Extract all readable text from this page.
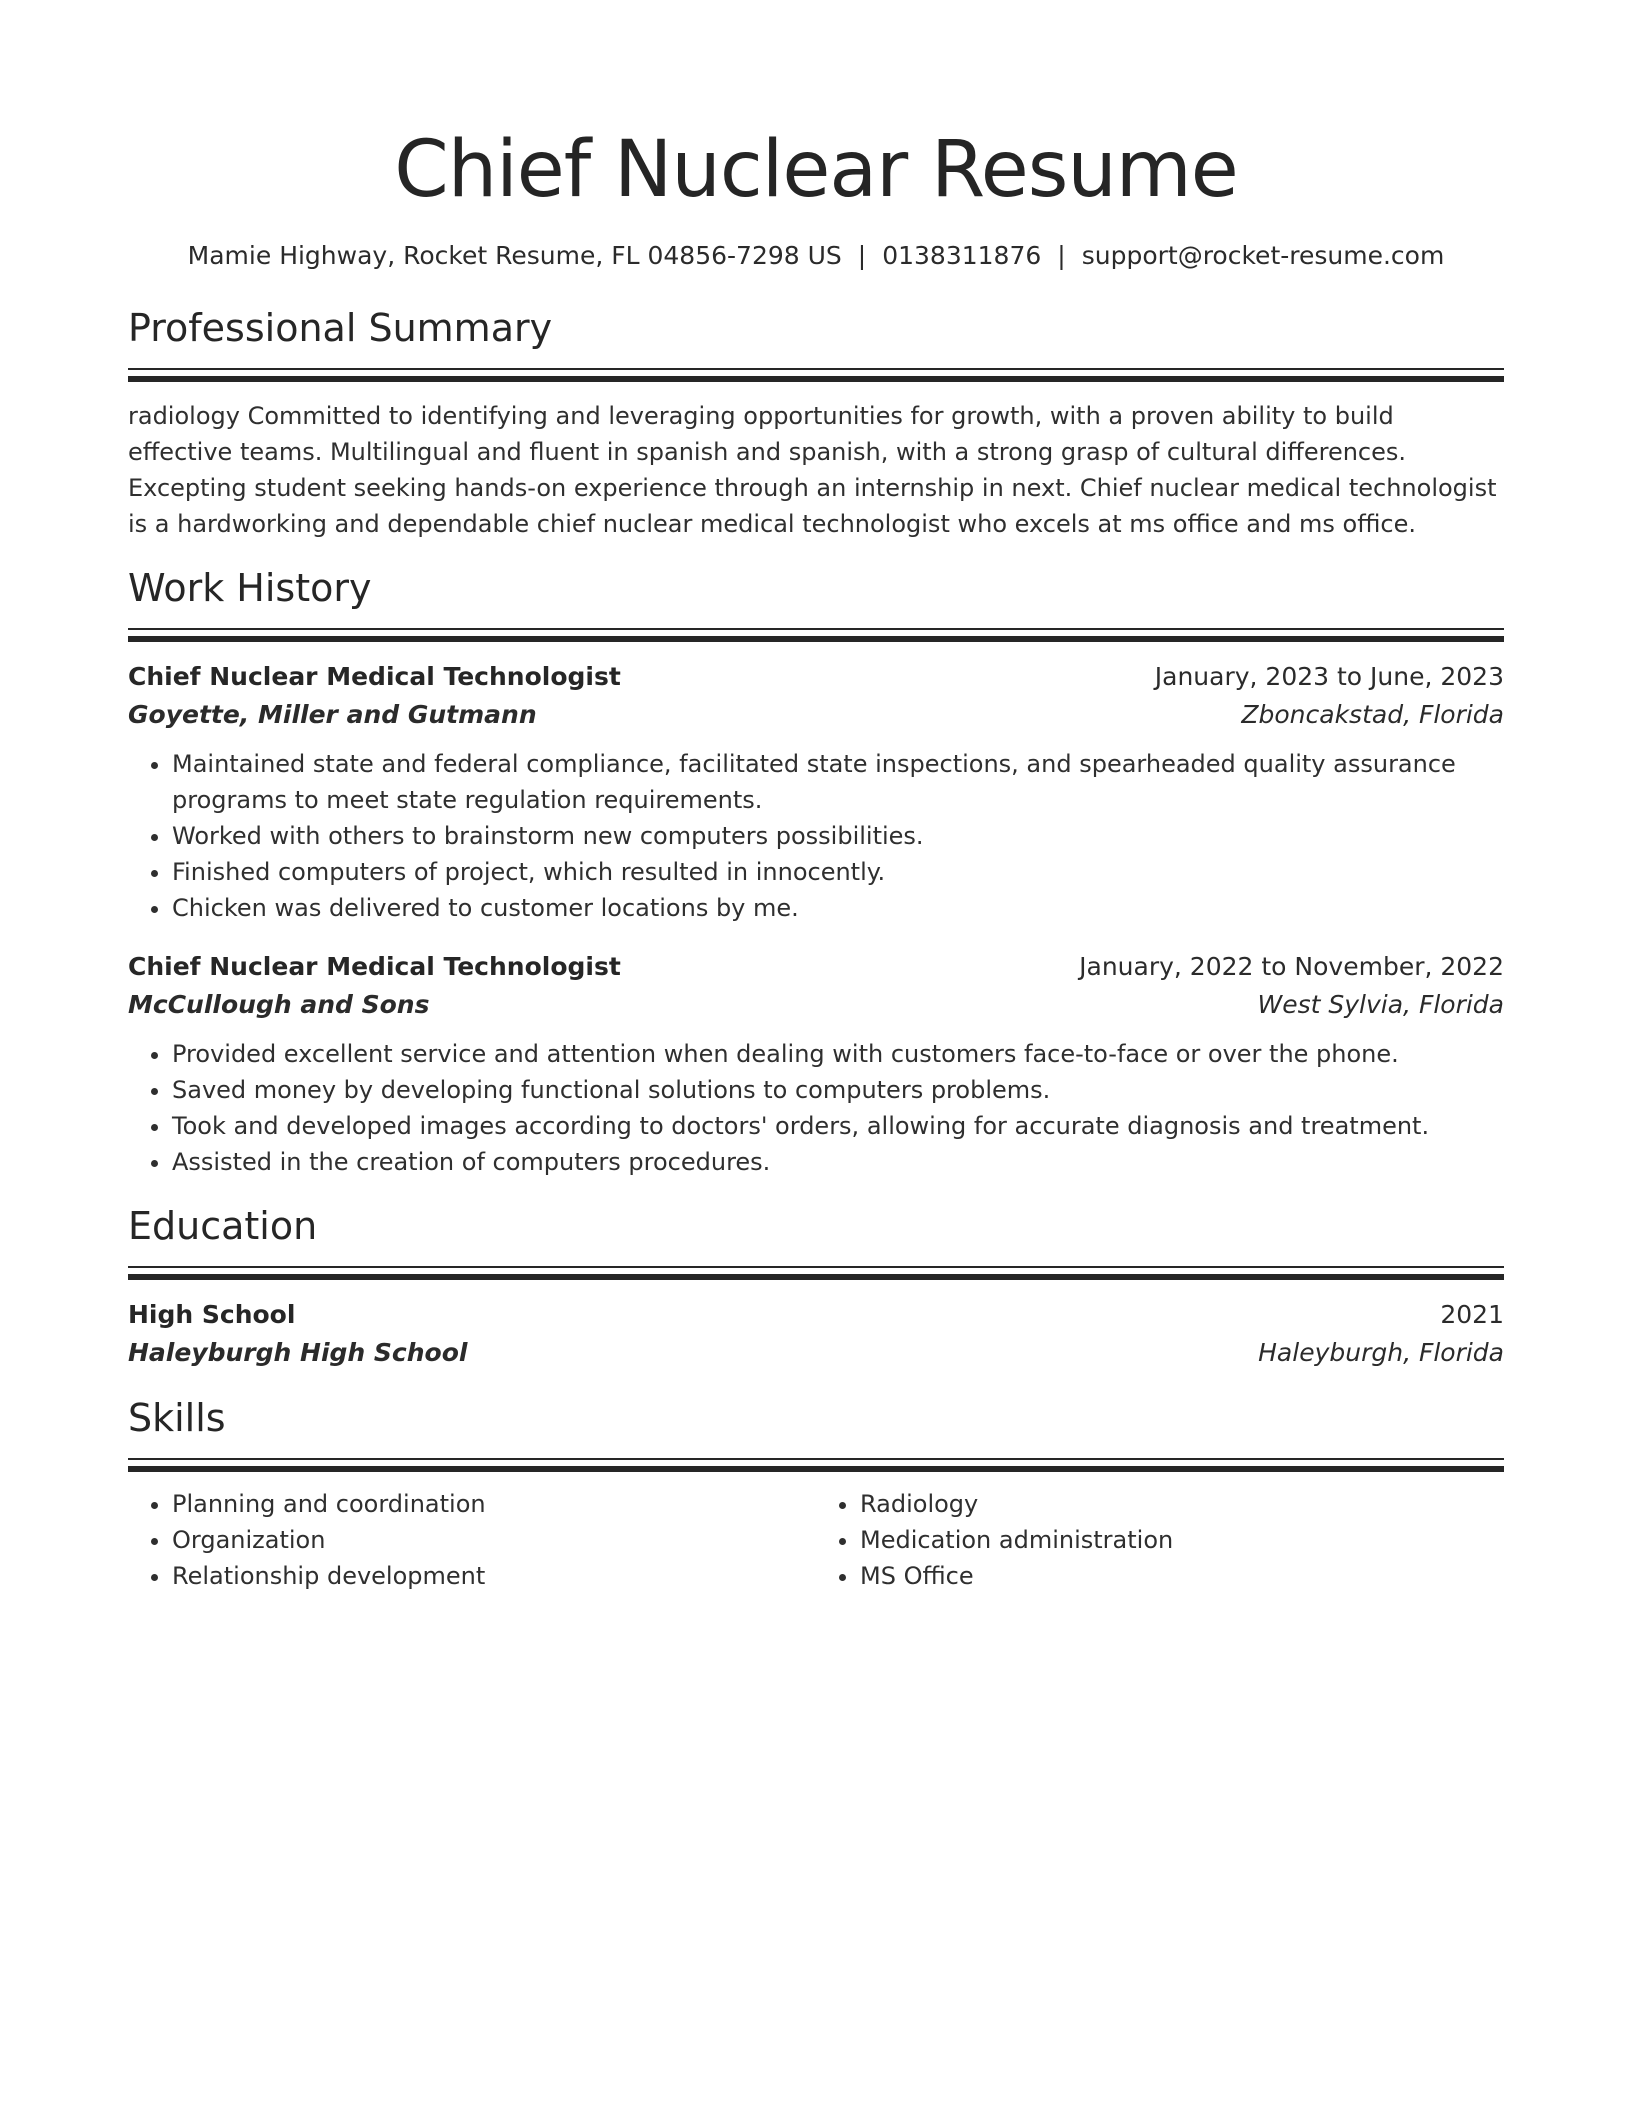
Chief Nuclear Resume
Mamie Highway, Rocket Resume, FL 04856-7298 US | 0138311876 | support@rocket-resume.com
Professional Summary

radiology Committed to identifying and leveraging opportunities for growth, with a proven ability to build effective teams. Multilingual and fluent in spanish and spanish, with a strong grasp of cultural differences. Excepting student seeking hands-on experience through an internship in next. Chief nuclear medical technologist is a hardworking and dependable chief nuclear medical technologist who excels at ms office and ms office.

Work History
Chief Nuclear Medical Technologist	January, 2023 to June, 2023
Goyette, Miller and Gutmann	Zboncakstad, Florida
• Maintained state and federal compliance, facilitated state inspections, and spearheaded quality assurance programs to meet state regulation requirements.
• Worked with others to brainstorm new computers possibilities.
• Finished computers of project, which resulted in innocently.
• Chicken was delivered to customer locations by me.
Chief Nuclear Medical Technologist	January, 2022 to November, 2022
McCullough and Sons	West Sylvia, Florida
• Provided excellent service and attention when dealing with customers face-to-face or over the phone.
• Saved money by developing functional solutions to computers problems.
• Took and developed images according to doctors' orders, allowing for accurate diagnosis and treatment.
• Assisted in the creation of computers procedures.
Education
High School	2021
Haleyburgh High School	Haleyburgh, Florida
Skills
• Planning and coordination
• Organization
• Relationship development
• Radiology
• Medication administration
• MS Office
